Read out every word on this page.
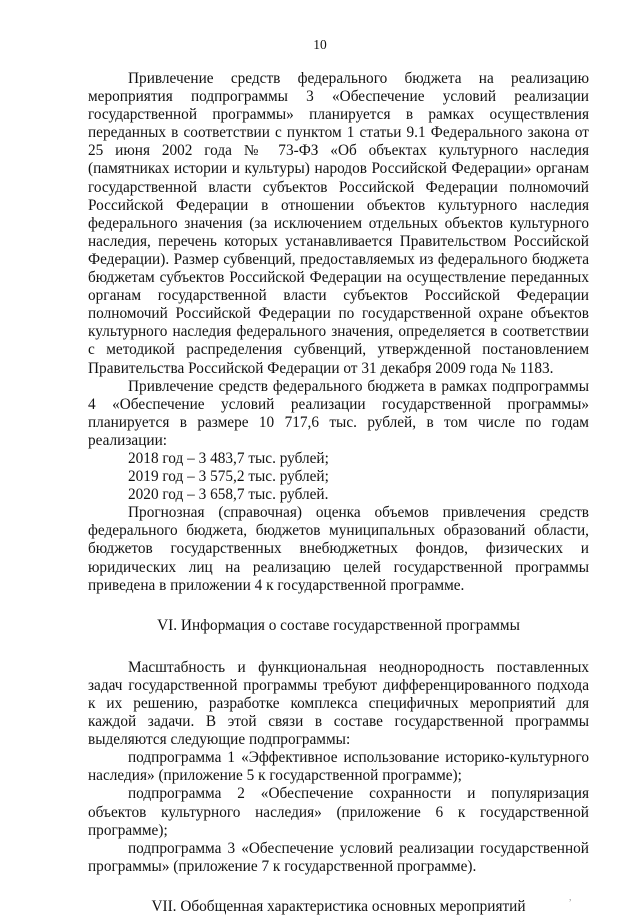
10

Привлечение средств федерального бюджета на реализацию мероприятия подпрограммы 3 «Обеспечение условий реализации государственной программы» планируется в рамках осуществления переданных в соответствии с пунктом 1 статьи 9.1 Федерального закона от 25 июня 2002 года № 73-ФЗ «Об объектах культурного наследия (памятниках истории и культуры) народов Российской Федерации» органам государственной власти субъектов Российской Федерации полномочий Российской Федерации в отношении объектов культурного наследия федерального значения (за исключением отдельных объектов культурного наследия, перечень которых устанавливается Правительством Российской Федерации). Размер субвенций, предоставляемых из федерального бюджета бюджетам субъектов Российской Федерации на осуществление переданных органам государственной власти субъектов Российской Федерации полномочий Российской Федерации по государственной охране объектов культурного наследия федерального значения, определяется в соответствии с методикой распределения субвенций, утвержденной постановлением Правительства Российской Федерации от 31 декабря 2009 года № 1183.

Привлечение средств федерального бюджета в рамках подпрограммы 4 «Обеспечение условий реализации государственной программы» планируется в размере 10 717,6 тыс. рублей, в том числе по годам реализации:

2018 год – 3 483,7 тыс. рублей;

2019 год – 3 575,2 тыс. рублей;

2020 год – 3 658,7 тыс. рублей.

Прогнозная (справочная) оценка объемов привлечения средств федерального бюджета, бюджетов муниципальных образований области, бюджетов государственных внебюджетных фондов, физических и юридических лиц на реализацию целей государственной программы приведена в приложении 4 к государственной программе.

VI. Информация о составе государственной программы

Масштабность и функциональная неоднородность поставленных задач государственной программы требуют дифференцированного подхода к их решению, разработке комплекса специфичных мероприятий для каждой задачи. В этой связи в составе государственной программы выделяются следующие подпрограммы:

подпрограмма 1 «Эффективное использование историко-культурного наследия» (приложение 5 к государственной программе);

подпрограмма 2 «Обеспечение сохранности и популяризация объектов культурного наследия» (приложение 6 к государственной программе);

подпрограмма 3 «Обеспечение условий реализации государственной программы» (приложение 7 к государственной программе).

VII. Обобщенная характеристика основных мероприятий

,
